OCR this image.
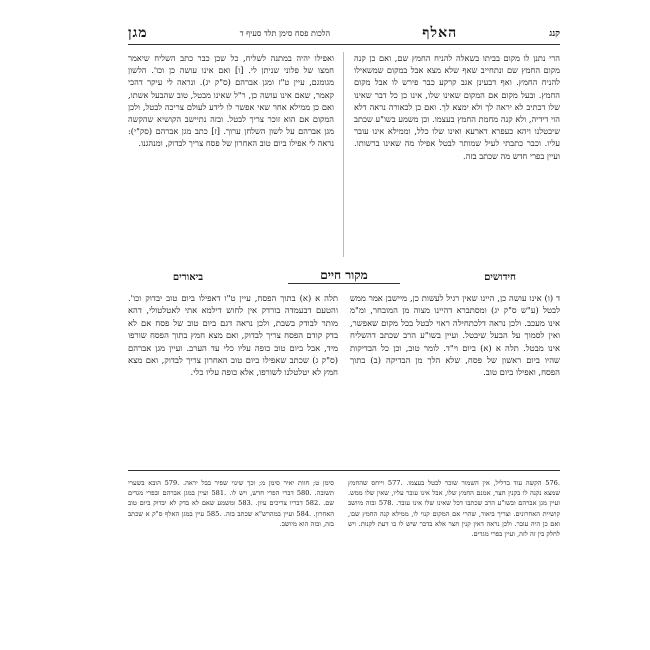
קנג
האלף
הלכות פסח סימן תלד סעיף ד
מגן

הרי נתנן לו מקום בביתו בשאלה להניח החמץ שם, ואם כן קנה מקום החמץ שם ונתחייב שאף שלא מצא אבל במקום שמשאילו להניח החמץ. ואף דבעינן אגב קרקע כבר פירש לו אבל מקום החמץ. ובעל מקום אם המקום שאינו שלו, אינו כן כל דבר שאינו שלו דכתיב לא יראה לך ולא ימצא לך. ואם כן לכאורה נראה דלא הוי דידיה, ולא קנה מחמת החמץ בעצמו. וכן משמע בשו"ע שכתב שיבטלנו ויהא כעפרא דארעא ואינו שלו כלל, וממילא אינו עובר עליו. וכבר כתבתי לעיל שמותר לבטל אפילו מה שאינו ברשותו. ועיין בפרי חדש מה שכתב בזה.

ואפילו יהיה במתנה לשליח, כל שכן כבר כתב השליח שיאמר חמצו של פלוני שניתן לי. [ו] ואם אינו עושה כן וכו'. הלשון מגומגם, עיין ט"ז ומגן אברהם (ס"ק יג). ונראה לי עיקר דהכי קאמר, שאם אינו עושה כן, ר"ל שאינו מבטל, טוב שהבעל אשתו, ואם כן ממילא אחר שאי אפשר לו לידע לעולם צריכה לבטל, ולכן המקום אם הוא זוכר צריך לבטל. ובזה נתיישב הקושיא שהקשה מגן אברהם על לשון השלחן ערוך. [ז] כתב מגן אברהם (סק"י): נראה לי אפילו ביום טוב האחרון של פסח צריך לבדוק, ומנהגנו.

מקור חיים	חידושים
ביאורים

ד (ו) אינו עושה כן, היינו שאין רגיל לעשות כן, מיישבן אמר ממש לבטל (ע"ש ס"ק יג) ומסתברא דהיינו מצוה מן המובחר, ומ"מ אינו מעכב. ולכן נראה דלכתחילה ראוי לבטל בכל מקום שאפשר, ואין לסמוך על הבעל שיבטל. ועיין בשו"ע הרב שכתב דהשליח אינו מבטל. תלה א (א) ביום וי"ד. לומר טוב, וכן כל הבדיקות שהיו ביום ראשון של פסח, שלא הלך מן הבדיקה (ב) בתוך הפסח, ואפילו ביום טוב.

תלה א (א) בתוך הפסח, עיין ט"ו דאפילו ביום טוב יבדוק וכו'. והטעם דבעמדה בורדק אין לחוש דילמא אתי לאטלטולי, דהא מותר לבודק בשבת, ולכן נראה דגם ביום טוב של פסח אם לא בדק קודם הפסח צריך לבדוק, ואם מצא חמץ בתוך הפסח שורפו מיד, אבל ביום טוב כופה עליו כלי עד הערב. ועיין מגן אברהם (ס"ק ג) שכתב שאפילו ביום טוב האחרון צריך לבדוק, ואם מצא חמץ לא יטלטלנו לשורפו, אלא כופה עליו כלי.

.576 הקשה עוד בדליל, אין השמור שוכר לבטל בעצמו. .577 וייחס שהחמץ שמצא נקנה לו בקנין חצר, אמנם החמץ שלו, אבל אינו עובר עליו, שאין שלו ממש. ועיין מגן אברהם ובשו"ע הרב שכתבו דכל שאינו שלו אינו עובר. .578 ובזה מיושב קושיית האחרונים. וצריך ביאור, שהרי אם המקום קנוי לו, ממילא קנה החמץ שבו, ואם כן היה עובר. ולכן נראה דאין קנין חצר אלא בדבר שיש לו בו דעת לקנות. ויש לחלק בין זה לזה, ועיין בפרי מגדים.

סימן ט; חוות יאיר סימן מ; וכך שינוי שפיר בבל יראה. .579 הובא בשערי תשובה. .580 דברי הפרי חדש, ויש לו. .581 ועיין במגן אברהם ובפרי מגדים שם. .582 דבריו צריכים עיון. .583 ומשמע שאם לא בדק לא יבדוק ביום טוב האחרון. .584 ועיין במהרש"א שכתב בזה. .585 עיין במגן האלף ס"ק א שכתב בזה, ובזה הוא מיושב.
